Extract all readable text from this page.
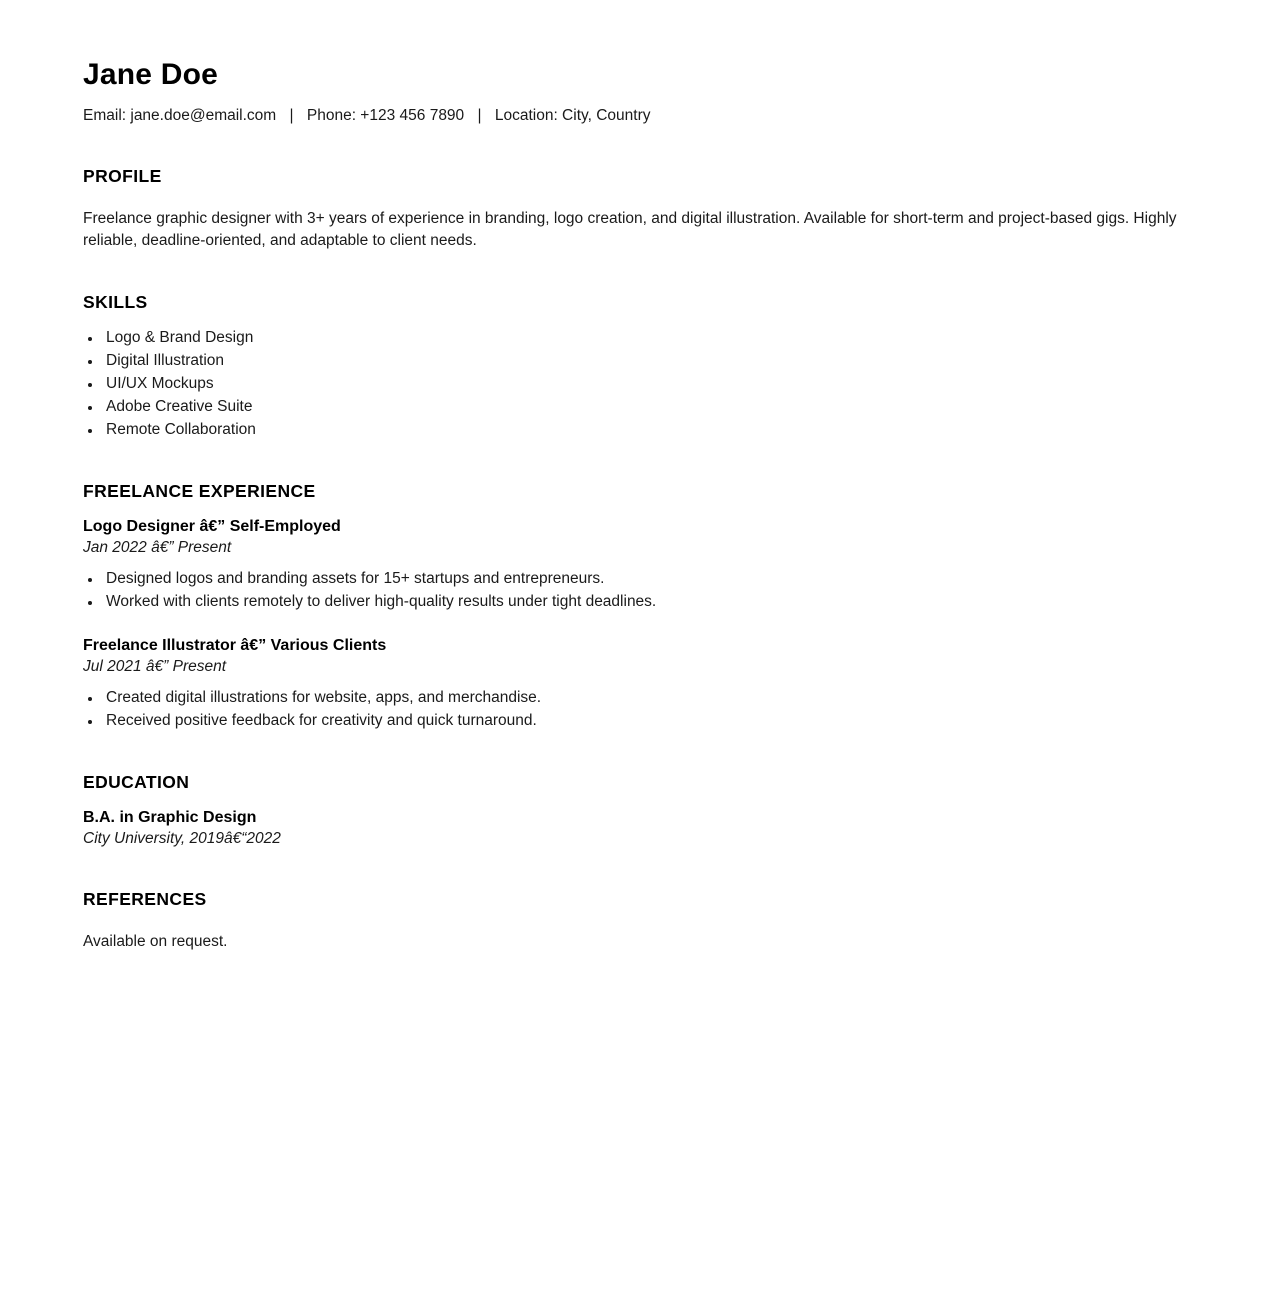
Jane Doe
Email: jane.doe@email.com | Phone: +123 456 7890 | Location: City, Country
PROFILE

Freelance graphic designer with 3+ years of experience in branding, logo creation, and digital illustration. Available for short-term and project-based gigs. Highly reliable, deadline-oriented, and adaptable to client needs.

SKILLS
• Logo & Brand Design
• Digital Illustration
• UI/UX Mockups
• Adobe Creative Suite
• Remote Collaboration
FREELANCE EXPERIENCE

Logo Designer â€” Self-Employed

Jan 2022 â€” Present

• Designed logos and branding assets for 15+ startups and entrepreneurs.
• Worked with clients remotely to deliver high-quality results under tight deadlines.

Freelance Illustrator â€” Various Clients

Jul 2021 â€” Present

• Created digital illustrations for website, apps, and merchandise.
• Received positive feedback for creativity and quick turnaround.
EDUCATION

B.A. in Graphic Design

City University, 2019â€“2022

REFERENCES

Available on request.
